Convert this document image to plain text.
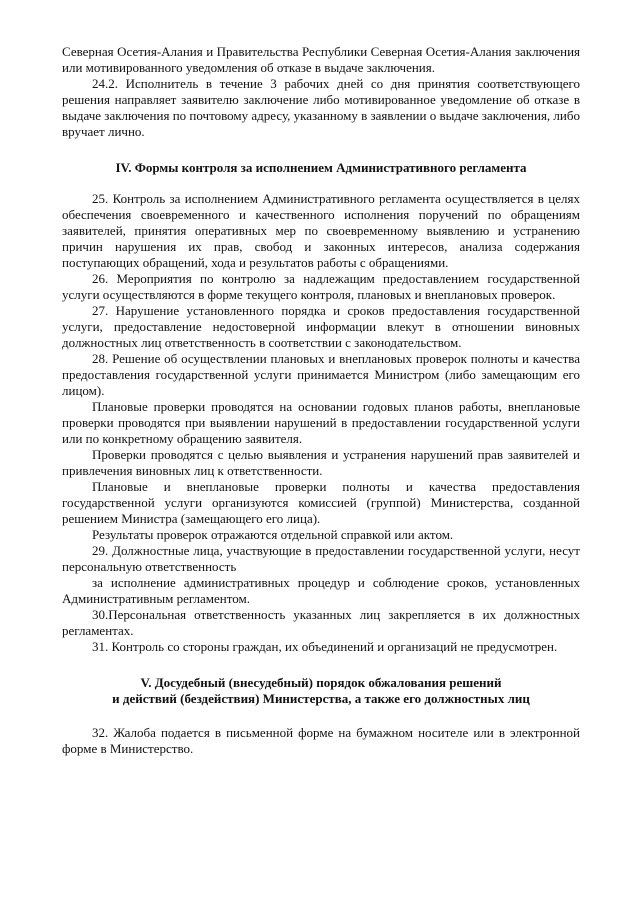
Северная Осетия-Алания и Правительства Республики Северная Осетия-Алания заключения или мотивированного уведомления об отказе в выдаче заключения.

24.2. Исполнитель в течение 3 рабочих дней со дня принятия соответствующего решения направляет заявителю заключение либо мотивированное уведомление об отказе в выдаче заключения по почтовому адресу, указанному в заявлении о выдаче заключения, либо вручает лично.

IV. Формы контроля за исполнением Административного регламента

25. Контроль за исполнением Административного регламента осуществляется в целях обеспечения своевременного и качественного исполнения поручений по обращениям заявителей, принятия оперативных мер по своевременному выявлению и устранению причин нарушения их прав, свобод и законных интересов, анализа содержания поступающих обращений, хода и результатов работы с обращениями.

26. Мероприятия по контролю за надлежащим предоставлением государственной услуги осуществляются в форме текущего контроля, плановых и внеплановых проверок.

27. Нарушение установленного порядка и сроков предоставления государственной услуги, предоставление недостоверной информации влекут в отношении виновных должностных лиц ответственность в соответствии с законодательством.

28. Решение об осуществлении плановых и внеплановых проверок полноты и качества предоставления государственной услуги принимается Министром (либо замещающим его лицом).

Плановые проверки проводятся на основании годовых планов работы, внеплановые проверки проводятся при выявлении нарушений в предоставлении государственной услуги или по конкретному обращению заявителя.

Проверки проводятся с целью выявления и устранения нарушений прав заявителей и привлечения виновных лиц к ответственности.

Плановые и внеплановые проверки полноты и качества предоставления государственной услуги организуются комиссией (группой) Министерства, созданной решением Министра (замещающего его лица).

Результаты проверок отражаются отдельной справкой или актом.

29. Должностные лица, участвующие в предоставлении государственной услуги, несут персональную ответственность

за исполнение административных процедур и соблюдение сроков, установленных Административным регламентом.

30.Персональная ответственность указанных лиц закрепляется в их должностных регламентах.

31. Контроль со стороны граждан, их объединений и организаций не предусмотрен.

V. Досудебный (внесудебный) порядок обжалования решений
и действий (бездействия) Министерства, а также его должностных лиц

32. Жалоба подается в письменной форме на бумажном носителе или в электронной форме в Министерство.
